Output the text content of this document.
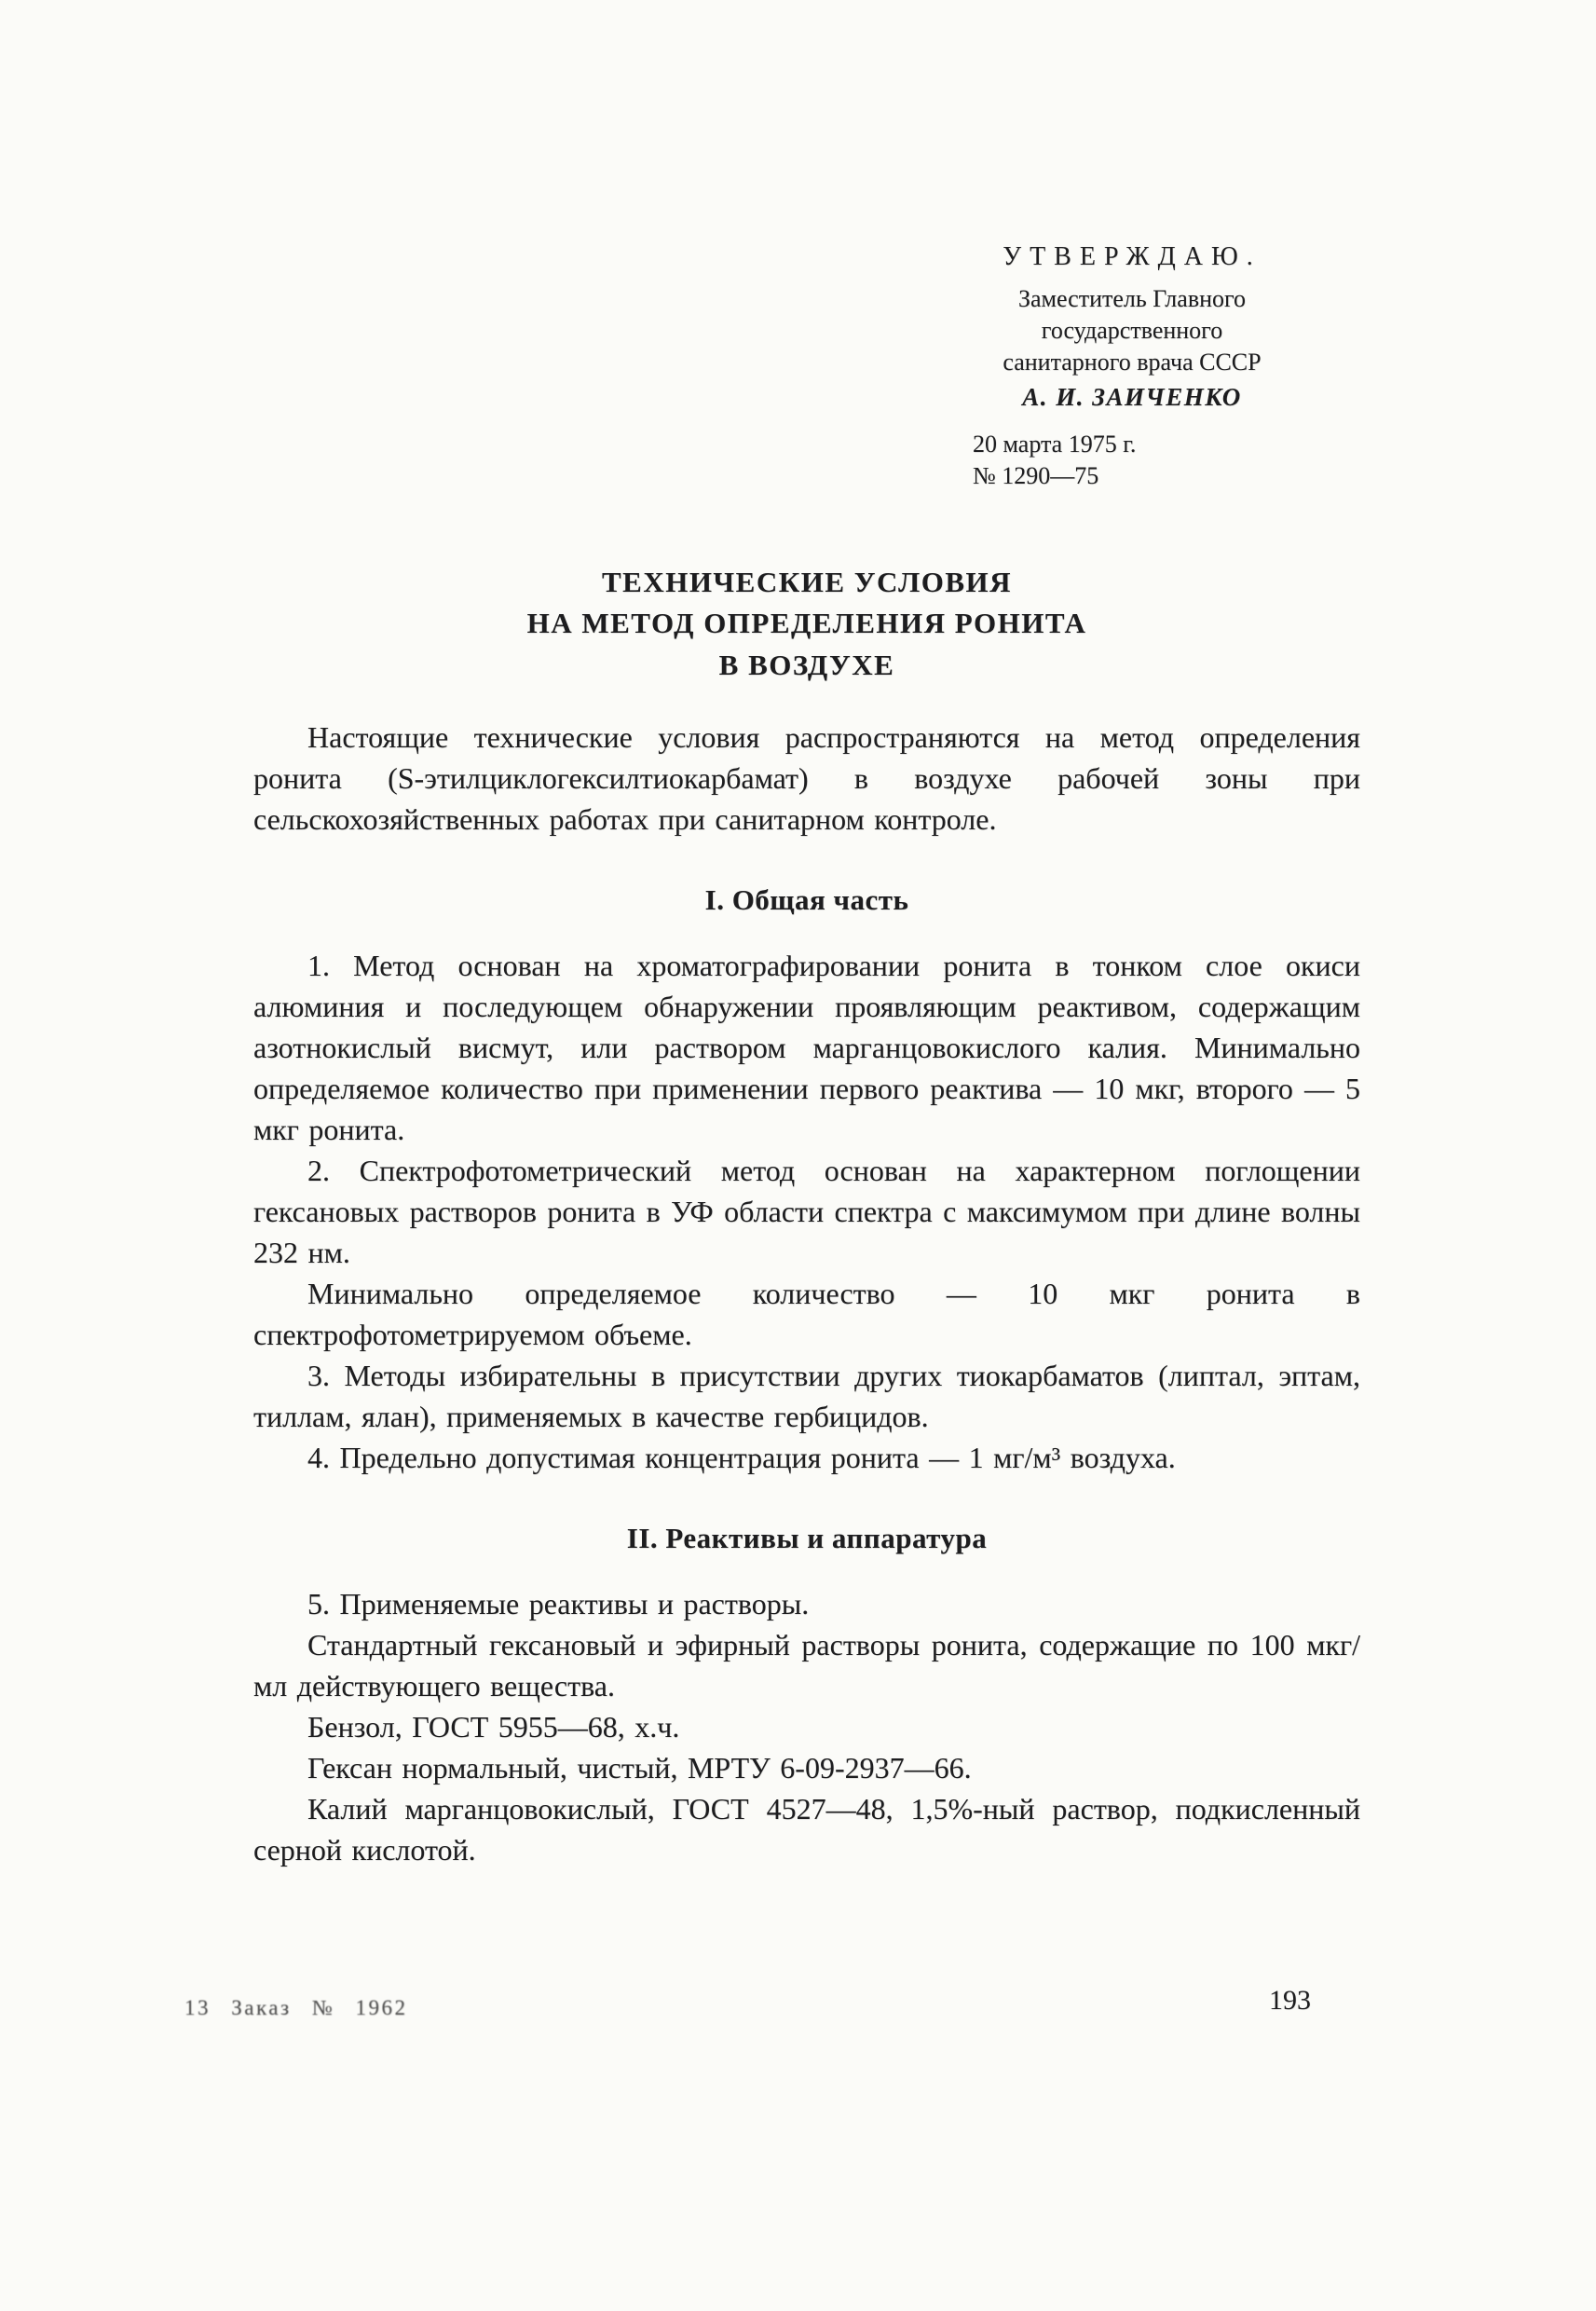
УТВЕРЖДАЮ.
Заместитель Главного
государственного
санитарного врача СССР
А. И. ЗАИЧЕНКО
20 марта 1975 г.
№ 1290—75
ТЕХНИЧЕСКИЕ УСЛОВИЯ
НА МЕТОД ОПРЕДЕЛЕНИЯ РОНИТА
В ВОЗДУХЕ

Настоящие технические условия распространяются на метод определения ронита (S-этилциклогексилтиокарбамат) в воздухе рабочей зоны при сельскохозяйственных работах при санитарном контроле.

I. Общая часть

1. Метод основан на хроматографировании ронита в тонком слое окиси алюминия и последующем обнаружении проявляющим реактивом, содержащим азотнокислый висмут, или раствором марганцовокислого калия. Минимально определяемое количество при применении первого реактива — 10 мкг, второго — 5 мкг ронита.

2. Спектрофотометрический метод основан на характерном поглощении гексановых растворов ронита в УФ области спектра с максимумом при длине волны 232 нм.

Минимально определяемое количество — 10 мкг ронита в спектрофотометрируемом объеме.

3. Методы избирательны в присутствии других тиокарбаматов (липтал, эптам, тиллам, ялан), применяемых в качестве гербицидов.

4. Предельно допустимая концентрация ронита — 1 мг/м³ воздуха.

II. Реактивы и аппаратура

5. Применяемые реактивы и растворы.

Стандартный гексановый и эфирный растворы ронита, содержащие по 100 мкг/мл действующего вещества.

Бензол, ГОСТ 5955—68, х.ч.

Гексан нормальный, чистый, МРТУ 6-09-2937—66.

Калий марганцовокислый, ГОСТ 4527—48, 1,5%-ный раствор, подкисленный серной кислотой.

13 Заказ № 1962	193
